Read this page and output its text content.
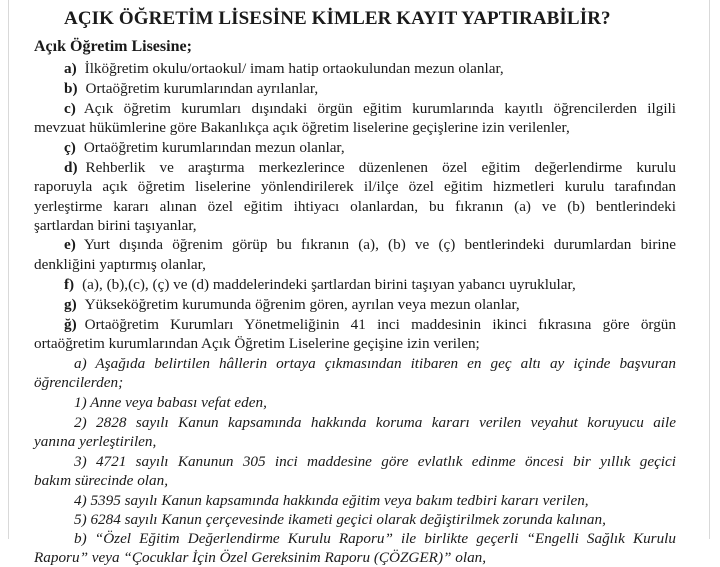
AÇIK ÖĞRETİM LİSESİNE KİMLER KAYIT YAPTIRABİLİR?
Açık Öğretim Lisesine;
a) İlköğretim okulu/ortaokul/ imam hatip ortaokulundan mezun olanlar,
b) Ortaöğretim kurumlarından ayrılanlar,
c) Açık öğretim kurumları dışındaki örgün eğitim kurumlarında kayıtlı öğrencilerden ilgili
mevzuat hükümlerine göre Bakanlıkça açık öğretim liselerine geçişlerine izin verilenler,
ç) Ortaöğretim kurumlarından mezun olanlar,
d) Rehberlik ve araştırma merkezlerince düzenlenen özel eğitim değerlendirme kurulu
raporuyla açık öğretim liselerine yönlendirilerek il/ilçe özel eğitim hizmetleri kurulu tarafından
yerleştirme kararı alınan özel eğitim ihtiyacı olanlardan, bu fıkranın (a) ve (b) bentlerindeki
şartlardan birini taşıyanlar,
e) Yurt dışında öğrenim görüp bu fıkranın (a), (b) ve (ç) bentlerindeki durumlardan birine
denkliğini yaptırmış olanlar,
f) (a), (b),(c), (ç) ve (d) maddelerindeki şartlardan birini taşıyan yabancı uyruklular,
g) Yükseköğretim kurumunda öğrenim gören, ayrılan veya mezun olanlar,
ğ) Ortaöğretim Kurumları Yönetmeliğinin 41 inci maddesinin ikinci fıkrasına göre örgün
ortaöğretim kurumlarından Açık Öğretim Liselerine geçişine izin verilen;
a) Aşağıda belirtilen hâllerin ortaya çıkmasından itibaren en geç altı ay içinde başvuran
öğrencilerden;
1) Anne veya babası vefat eden,
2) 2828 sayılı Kanun kapsamında hakkında koruma kararı verilen veyahut koruyucu aile
yanına yerleştirilen,
3) 4721 sayılı Kanunun 305 inci maddesine göre evlatlık edinme öncesi bir yıllık geçici
bakım sürecinde olan,
4) 5395 sayılı Kanun kapsamında hakkında eğitim veya bakım tedbiri kararı verilen,
5) 6284 sayılı Kanun çerçevesinde ikameti geçici olarak değiştirilmek zorunda kalınan,
b) “Özel Eğitim Değerlendirme Kurulu Raporu” ile birlikte geçerli “Engelli Sağlık Kurulu
Raporu” veya “Çocuklar İçin Özel Gereksinim Raporu (ÇÖZGER)” olan,
